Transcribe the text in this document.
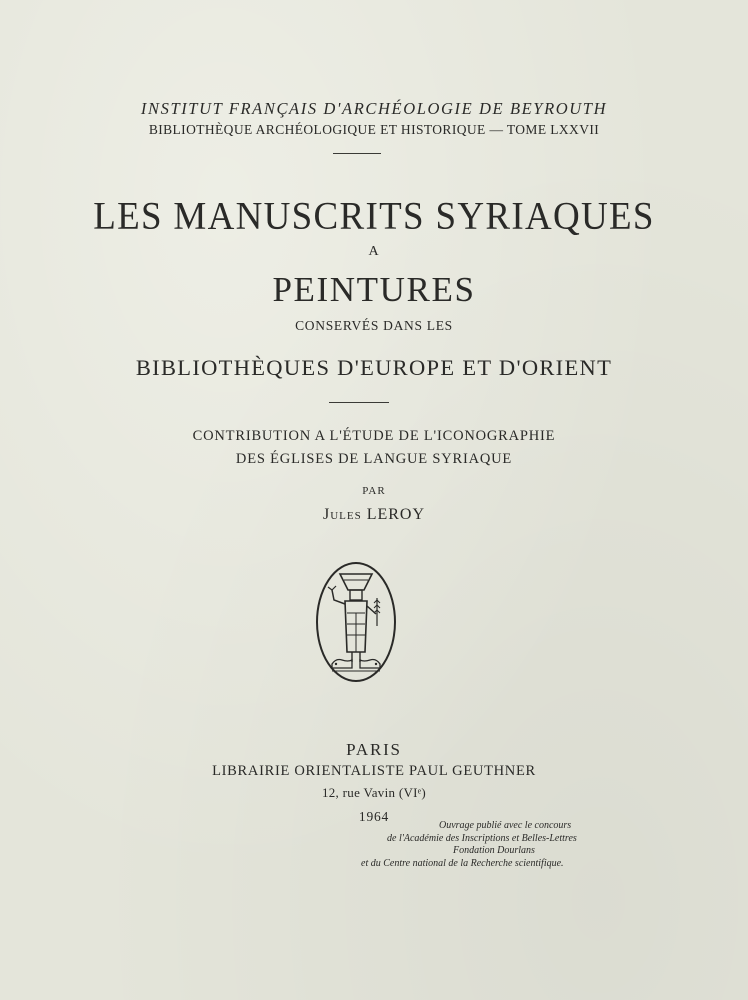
INSTITUT FRANÇAIS D'ARCHÉOLOGIE DE BEYROUTH
BIBLIOTHÈQUE ARCHÉOLOGIQUE ET HISTORIQUE — TOME LXXVII
LES MANUSCRITS SYRIAQUES
A
PEINTURES
CONSERVÉS DANS LES
BIBLIOTHÈQUES D'EUROPE ET D'ORIENT
CONTRIBUTION A L'ÉTUDE DE L'ICONOGRAPHIE
DES ÉGLISES DE LANGUE SYRIAQUE
PAR
Jules LEROY
PARIS
LIBRAIRIE ORIENTALISTE PAUL GEUTHNER
12, rue Vavin (VIᵉ)
1964
Ouvrage publié avec le concours
de l'Académie des Inscriptions et Belles-Lettres
Fondation Dourlans
et du Centre national de la Recherche scientifique.
